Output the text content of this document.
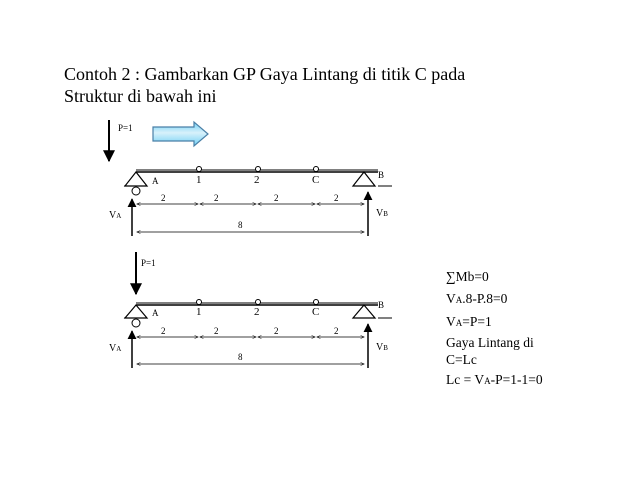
Contoh 2 : Gambarkan GP Gaya Lintang di titik C pada
Struktur di bawah ini
P=1
A	1	2	C	B
2	2	2	2
8
VA	VB
P=1
A	1	2	C
B
2	2	2	2
8
VA	VB
∑Mb=0
VA.8-P.8=0
VA=P=1
Gaya Lintang di
C=Lc
Lc = VA-P=1-1=0
